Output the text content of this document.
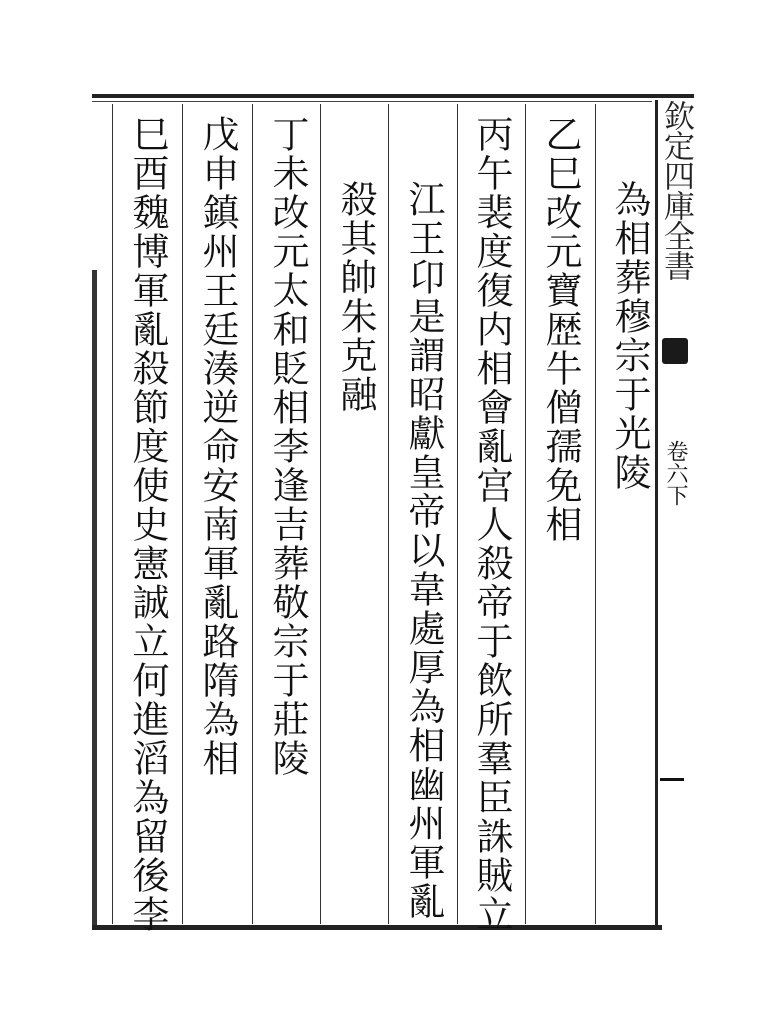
為相葬穆宗于光陵
乙巳改元寶歴牛僧孺免相
丙午裴度復内相會亂宫人殺帝于飲所羣臣誅賊立
江王卬是謂昭獻皇帝以韋處厚為相幽州軍亂
殺其帥朱克融
丁未改元太和貶相李逢吉葬敬宗于莊陵
戊申鎮州王廷湊逆命安南軍亂路隋為相
巳酉魏博軍亂殺節度使史憲誠立何進滔為留後李	欽定四庫全書
卷六下
